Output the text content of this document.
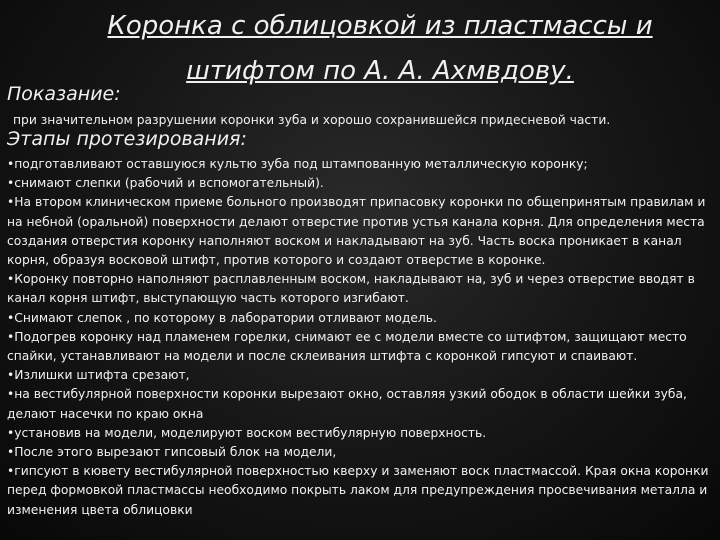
Коронка с облицовкой из пластмассы и штифтом по А. А. Ахмвдову.
Показание:
при значительном разрушении коронки зуба и хорошо сохранившейся придесневой части.
Этапы протезирования:
•подготавливают оставшуюся культю зуба под штампованную металлическую коронку;
•снимают слепки (рабочий и вспомогательный).
•На втором клиническом приеме больного производят припасовку коронки по общепринятым правилам и на небной (оральной) поверхности делают отверстие против устья канала корня. Для определения места создания отверстия коронку наполняют воском и накладывают на зуб. Часть воска проникает в канал корня, образуя восковой штифт, против которого и создают отверстие в коронке.
•Коронку повторно наполняют расплавленным воском, накладывают на, зуб и через отверстие вводят в канал корня штифт, выступающую часть которого изгибают.
•Снимают слепок , по которому в лаборатории отливают модель.
•Подогрев коронку над пламенем горелки, снимают ее с модели вместе со штифтом, защищают место спайки, устанавливают на модели и после склеивания штифта с коронкой гипсуют и спаивают.
•Излишки штифта срезают,
•на вестибулярной поверхности коронки вырезают окно, оставляя узкий ободок в области шейки зуба, делают насечки по краю окна
•установив на модели, моделируют воском вестибулярную поверхность.
•После этого вырезают гипсовый блок на модели,
•гипсуют в кювету вестибулярной поверхностью кверху и заменяют воск пластмассой. Края окна коронки перед формовкой пластмассы необходимо покрыть лаком для предупреждения просвечивания металла и изменения цвета облицовки
